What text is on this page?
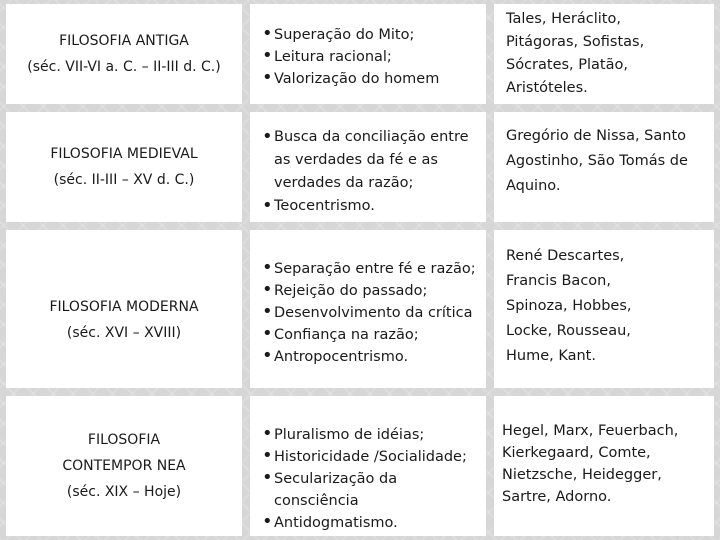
FILOSOFIA ANTIGA
(séc. VII-VI a. C. – II-III d. C.)
• Superação do Mito;
• Leitura racional;
• Valorização do homem
Tales, Heráclito,
Pitágoras, Sofistas,
Sócrates, Platão,
Aristóteles.
FILOSOFIA MEDIEVAL
(séc. II-III – XV d. C.)
• Busca da conciliação entre as verdades da fé e as verdades da razão;
• Teocentrismo.
Gregório de Nissa, Santo
Agostinho, São Tomás de
Aquino.
FILOSOFIA MODERNA
(séc. XVI – XVIII)
• Separação entre fé e razão;
• Rejeição do passado;
• Desenvolvimento da crítica
• Confiança na razão;
• Antropocentrismo.
René Descartes,
Francis Bacon,
Spinoza, Hobbes,
Locke, Rousseau,
Hume, Kant.
FILOSOFIA
CONTEMPOR NEA
(séc. XIX – Hoje)
• Pluralismo de idéias;
• Historicidade /Socialidade;
• Secularização da consciência
• Antidogmatismo.
Hegel, Marx, Feuerbach,
Kierkegaard, Comte,
Nietzsche, Heidegger,
Sartre, Adorno.
